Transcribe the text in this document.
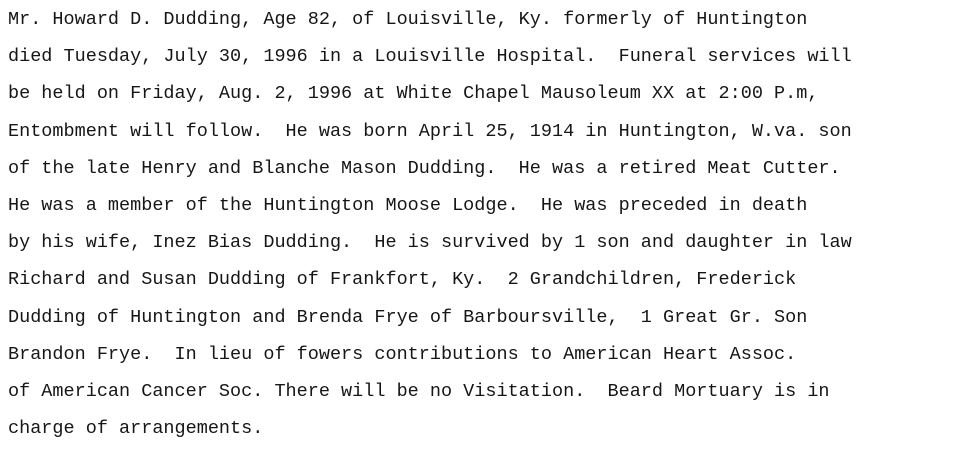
Mr. Howard D. Dudding, Age 82, of Louisville, Ky. formerly of Huntington
died Tuesday, July 30, 1996 in a Louisville Hospital.  Funeral services will
be held on Friday, Aug. 2, 1996 at White Chapel Mausoleum XX at 2:00 P.m,
Entombment will follow.  He was born April 25, 1914 in Huntington, W.va. son
of the late Henry and Blanche Mason Dudding.  He was a retired Meat Cutter.
He was a member of the Huntington Moose Lodge.  He was preceded in death
by his wife, Inez Bias Dudding.  He is survived by 1 son and daughter in law
Richard and Susan Dudding of Frankfort, Ky.  2 Grandchildren, Frederick
Dudding of Huntington and Brenda Frye of Barboursville,  1 Great Gr. Son
Brandon Frye.  In lieu of fowers contributions to American Heart Assoc.
of American Cancer Soc. There will be no Visitation.  Beard Mortuary is in
charge of arrangements.
